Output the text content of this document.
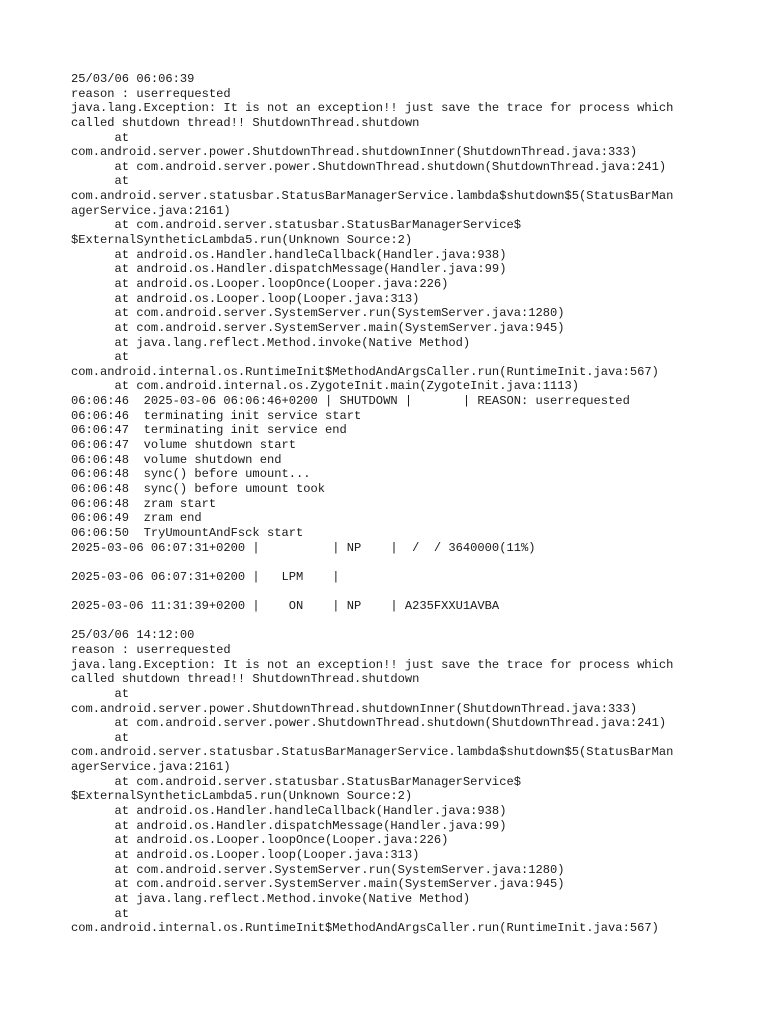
25/03/06 06:06:39
reason : userrequested
java.lang.Exception: It is not an exception!! just save the trace for process which
called shutdown thread!! ShutdownThread.shutdown
at
com.android.server.power.ShutdownThread.shutdownInner(ShutdownThread.java:333)
at com.android.server.power.ShutdownThread.shutdown(ShutdownThread.java:241)
at
com.android.server.statusbar.StatusBarManagerService.lambda$shutdown$5(StatusBarMan
agerService.java:2161)
at com.android.server.statusbar.StatusBarManagerService$
$ExternalSyntheticLambda5.run(Unknown Source:2)
at android.os.Handler.handleCallback(Handler.java:938)
at android.os.Handler.dispatchMessage(Handler.java:99)
at android.os.Looper.loopOnce(Looper.java:226)
at android.os.Looper.loop(Looper.java:313)
at com.android.server.SystemServer.run(SystemServer.java:1280)
at com.android.server.SystemServer.main(SystemServer.java:945)
at java.lang.reflect.Method.invoke(Native Method)
at
com.android.internal.os.RuntimeInit$MethodAndArgsCaller.run(RuntimeInit.java:567)
at com.android.internal.os.ZygoteInit.main(ZygoteInit.java:1113)
06:06:46  2025-03-06 06:06:46+0200 | SHUTDOWN |       | REASON: userrequested
06:06:46  terminating init service start
06:06:47  terminating init service end
06:06:47  volume shutdown start
06:06:48  volume shutdown end
06:06:48  sync() before umount...
06:06:48  sync() before umount took
06:06:48  zram start
06:06:49  zram end
06:06:50  TryUmountAndFsck start
2025-03-06 06:07:31+0200 |          | NP    |  /  / 3640000(11%)
2025-03-06 06:07:31+0200 |   LPM    |
2025-03-06 11:31:39+0200 |    ON    | NP    | A235FXXU1AVBA
25/03/06 14:12:00
reason : userrequested
java.lang.Exception: It is not an exception!! just save the trace for process which
called shutdown thread!! ShutdownThread.shutdown
at
com.android.server.power.ShutdownThread.shutdownInner(ShutdownThread.java:333)
at com.android.server.power.ShutdownThread.shutdown(ShutdownThread.java:241)
at
com.android.server.statusbar.StatusBarManagerService.lambda$shutdown$5(StatusBarMan
agerService.java:2161)
at com.android.server.statusbar.StatusBarManagerService$
$ExternalSyntheticLambda5.run(Unknown Source:2)
at android.os.Handler.handleCallback(Handler.java:938)
at android.os.Handler.dispatchMessage(Handler.java:99)
at android.os.Looper.loopOnce(Looper.java:226)
at android.os.Looper.loop(Looper.java:313)
at com.android.server.SystemServer.run(SystemServer.java:1280)
at com.android.server.SystemServer.main(SystemServer.java:945)
at java.lang.reflect.Method.invoke(Native Method)
at
com.android.internal.os.RuntimeInit$MethodAndArgsCaller.run(RuntimeInit.java:567)
